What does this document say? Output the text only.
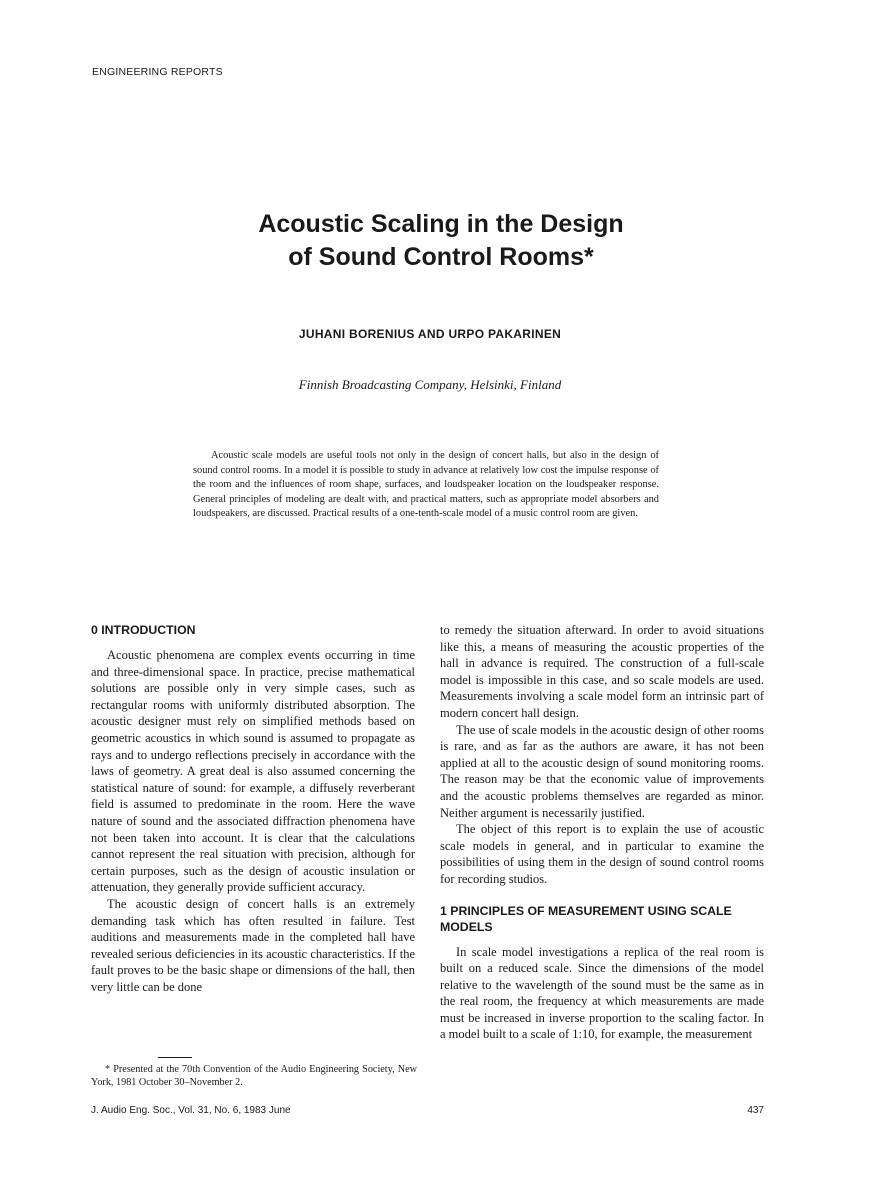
ENGINEERING REPORTS
Acoustic Scaling in the Design
of Sound Control Rooms*
JUHANI BORENIUS AND URPO PAKARINEN
Finnish Broadcasting Company, Helsinki, Finland

Acoustic scale models are useful tools not only in the design of concert halls, but also in the design of sound control rooms. In a model it is possible to study in advance at relatively low cost the impulse response of the room and the influences of room shape, surfaces, and loudspeaker location on the loudspeaker response. General principles of modeling are dealt with, and practical matters, such as appropriate model absorbers and loudspeakers, are discussed. Practical results of a one-tenth-scale model of a music control room are given.

0 INTRODUCTION

Acoustic phenomena are complex events occurring in time and three-dimensional space. In practice, precise mathematical solutions are possible only in very simple cases, such as rectangular rooms with uniformly distributed absorption. The acoustic designer must rely on simplified methods based on geometric acoustics in which sound is assumed to propagate as rays and to undergo reflections precisely in accordance with the laws of geometry. A great deal is also assumed concerning the statistical nature of sound: for example, a diffusely reverberant field is assumed to predominate in the room. Here the wave nature of sound and the associated diffraction phenomena have not been taken into account. It is clear that the calculations cannot represent the real situation with precision, although for certain purposes, such as the design of acoustic insulation or attenuation, they generally provide sufficient accuracy.

The acoustic design of concert halls is an extremely demanding task which has often resulted in failure. Test auditions and measurements made in the completed hall have revealed serious deficiencies in its acoustic characteristics. If the fault proves to be the basic shape or dimensions of the hall, then very little can be done

to remedy the situation afterward. In order to avoid situations like this, a means of measuring the acoustic properties of the hall in advance is required. The construction of a full-scale model is impossible in this case, and so scale models are used. Measurements involving a scale model form an intrinsic part of modern concert hall design.

The use of scale models in the acoustic design of other rooms is rare, and as far as the authors are aware, it has not been applied at all to the acoustic design of sound monitoring rooms. The reason may be that the economic value of improvements and the acoustic problems themselves are regarded as minor. Neither argument is necessarily justified.

The object of this report is to explain the use of acoustic scale models in general, and in particular to examine the possibilities of using them in the design of sound control rooms for recording studios.

1 PRINCIPLES OF MEASUREMENT USING SCALE MODELS

In scale model investigations a replica of the real room is built on a reduced scale. Since the dimensions of the model relative to the wavelength of the sound must be the same as in the real room, the frequency at which measurements are made must be increased in inverse proportion to the scaling factor. In a model built to a scale of 1:10, for example, the measurement

* Presented at the 70th Convention of the Audio Engineering Society, New York, 1981 October 30–November 2.

J. Audio Eng. Soc., Vol. 31, No. 6, 1983 June	437
